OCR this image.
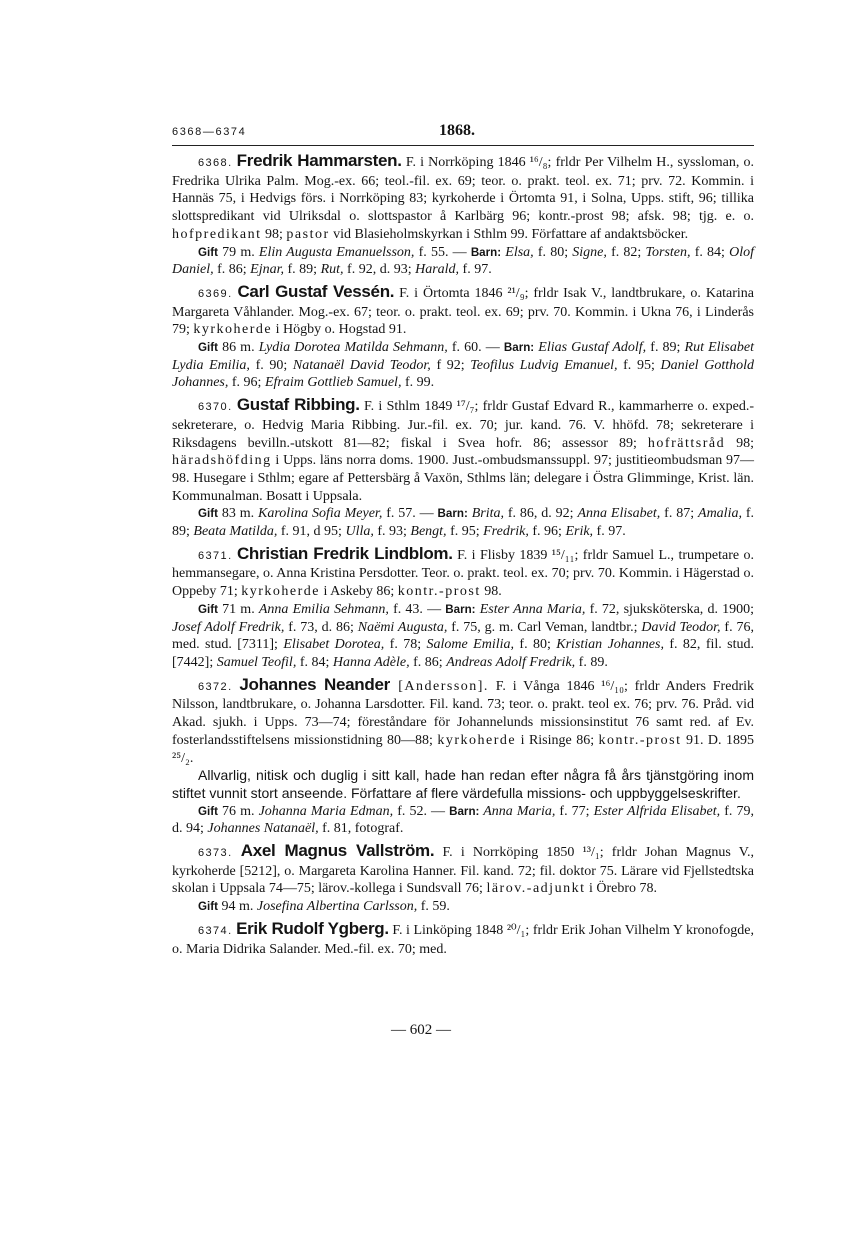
6368—6374	1868.

6368. Fredrik Hammarsten. F. i Norrköping 1846 ¹⁶/₈; frldr Per Vilhelm H., syssloman, o. Fredrika Ulrika Palm. Mog.-ex. 66; teol.-fil. ex. 69; teor. o. prakt. teol. ex. 71; prv. 72. Kommin. i Hannäs 75, i Hedvigs förs. i Norrköping 83; kyrkoherde i Örtomta 91, i Solna, Upps. stift, 96; tillika slottspredikant vid Ulriksdal o. slottspastor å Karlbärg 96; kontr.-prost 98; afsk. 98; tjg. e. o. hofpredikant 98; pastor vid Blasieholmskyrkan i Sthlm 99. Författare af andaktsböcker.

Gift 79 m. Elin Augusta Emanuelsson, f. 55. — Barn: Elsa, f. 80; Signe, f. 82; Torsten, f. 84; Olof Daniel, f. 86; Ejnar, f. 89; Rut, f. 92, d. 93; Harald, f. 97.

6369. Carl Gustaf Vessén. F. i Örtomta 1846 ²¹/₉; frldr Isak V., landtbrukare, o. Katarina Margareta Våhlander. Mog.-ex. 67; teor. o. prakt. teol. ex. 69; prv. 70. Kommin. i Ukna 76, i Linderås 79; kyrkoherde i Högby o. Hogstad 91.

Gift 86 m. Lydia Dorotea Matilda Sehmann, f. 60. — Barn: Elias Gustaf Adolf, f. 89; Rut Elisabet Lydia Emilia, f. 90; Natanaël David Teodor, f 92; Teofilus Ludvig Emanuel, f. 95; Daniel Gotthold Johannes, f. 96; Efraim Gottlieb Samuel, f. 99.

6370. Gustaf Ribbing. F. i Sthlm 1849 ¹⁷/₇; frldr Gustaf Edvard R., kammarherre o. exped.-sekreterare, o. Hedvig Maria Ribbing. Jur.-fil. ex. 70; jur. kand. 76. V. hhöfd. 78; sekreterare i Riksdagens bevilln.-utskott 81—82; fiskal i Svea hofr. 86; assessor 89; hofrättsråd 98; häradshöfding i Upps. läns norra doms. 1900. Just.-ombudsmanssuppl. 97; justitieombudsman 97—98. Husegare i Sthlm; egare af Pettersbärg å Vaxön, Sthlms län; delegare i Östra Glimminge, Krist. län. Kommunalman. Bosatt i Uppsala.

Gift 83 m. Karolina Sofia Meyer, f. 57. — Barn: Brita, f. 86, d. 92; Anna Elisabet, f. 87; Amalia, f. 89; Beata Matilda, f. 91, d 95; Ulla, f. 93; Bengt, f. 95; Fredrik, f. 96; Erik, f. 97.

6371. Christian Fredrik Lindblom. F. i Flisby 1839 ¹⁵/₁₁; frldr Samuel L., trumpetare o. hemmansegare, o. Anna Kristina Persdotter. Teor. o. prakt. teol. ex. 70; prv. 70. Kommin. i Hägerstad o. Oppeby 71; kyrkoherde i Askeby 86; kontr.-prost 98.

Gift 71 m. Anna Emilia Sehmann, f. 43. — Barn: Ester Anna Maria, f. 72, sjuksköterska, d. 1900; Josef Adolf Fredrik, f. 73, d. 86; Naëmi Augusta, f. 75, g. m. Carl Veman, landtbr.; David Teodor, f. 76, med. stud. [7311]; Elisabet Dorotea, f. 78; Salome Emilia, f. 80; Kristian Johannes, f. 82, fil. stud. [7442]; Samuel Teofil, f. 84; Hanna Adèle, f. 86; Andreas Adolf Fredrik, f. 89.

6372. Johannes Neander [Andersson]. F. i Vånga 1846 ¹⁶/₁₀; frldr Anders Fredrik Nilsson, landtbrukare, o. Johanna Larsdotter. Fil. kand. 73; teor. o. prakt. teol ex. 76; prv. 76. Pråd. vid Akad. sjukh. i Upps. 73—74; föreståndare för Johannelunds missionsinstitut 76 samt red. af Ev. fosterlandsstiftelsens missionstidning 80—88; kyrkoherde i Risinge 86; kontr.-prost 91. D. 1895 ²⁵/₂.

Allvarlig, nitisk och duglig i sitt kall, hade han redan efter några få års tjänstgöring inom stiftet vunnit stort anseende. Författare af flere värdefulla missions- och uppbyggelseskrifter.

Gift 76 m. Johanna Maria Edman, f. 52. — Barn: Anna Maria, f. 77; Ester Alfrida Elisabet, f. 79, d. 94; Johannes Natanaël, f. 81, fotograf.

6373. Axel Magnus Vallström. F. i Norrköping 1850 ¹³/₁; frldr Johan Magnus V., kyrkoherde [5212], o. Margareta Karolina Hanner. Fil. kand. 72; fil. doktor 75. Lärare vid Fjellstedtska skolan i Uppsala 74—75; lärov.-kollega i Sundsvall 76; lärov.-adjunkt i Örebro 78.

Gift 94 m. Josefina Albertina Carlsson, f. 59.

6374. Erik Rudolf Ygberg. F. i Linköping 1848 ²⁰/₁; frldr Erik Johan Vilhelm Y kronofogde, o. Maria Didrika Salander. Med.-fil. ex. 70; med.

— 602 —
